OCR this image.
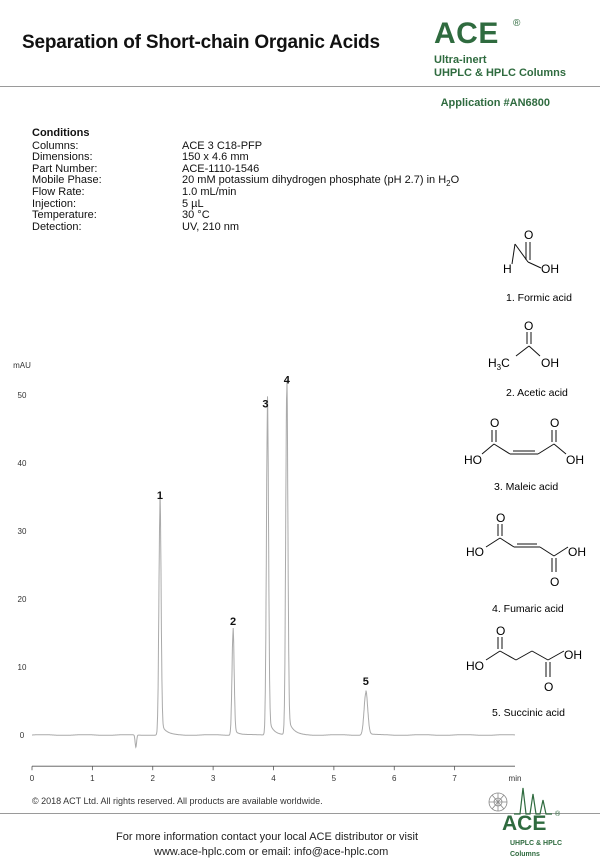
Separation of Short-chain Organic Acids ACE ®
Ultra-inert
UHPLC & HPLC Columns
Application #AN6800
Conditions
Columns:	ACE 3 C18-PFP
Dimensions:	150 x 4.6 mm
Part Number:	ACE-1110-1546
Mobile Phase:	20 mM potassium dihydrogen phosphate (pH 2.7) in $H_2O$
Flow Rate:	1.0 mL/min
Injection:	5 µL
Temperature:	30 °C
Detection:	UV, 210 nm
0	1	2	3	4	5	6	7	min
0
10
20
30
40
50
mAU
1
2
3
4
5
H OH
O
1. Formic acid
$H_3C$	OH
O
2. Acetic acid
HO	OH
O	O
3. Maleic acid
HO	OH
O
O
4. Fumaric acid
HO
OH
O
O
5. Succinic acid
© 2018 ACT Ltd. All rights reserved. All products are available worldwide.
For more information contact your local ACE distributor or visit
www.ace-hplc.com or email: info@ace-hplc.com
ACE ®
UHPLC & HPLC
Columns
